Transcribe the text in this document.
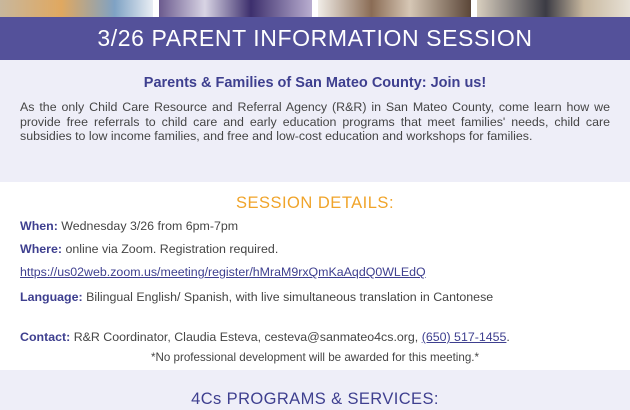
3/26 PARENT INFORMATION SESSION
Parents & Families of San Mateo County: Join us!

As the only Child Care Resource and Referral Agency (R&R) in San Mateo County, come learn how we provide free referrals to child care and early education programs that meet families' needs, child care subsidies to low income families, and free and low-cost education and workshops for families.

SESSION DETAILS:
When: Wednesday 3/26 from 6pm-7pm
Where: online via Zoom. Registration required.
https://us02web.zoom.us/meeting/register/hMraM9rxQmKaAqdQ0WLEdQ
Language: Bilingual English/ Spanish, with live simultaneous translation in Cantonese
Contact: R&R Coordinator, Claudia Esteva, cesteva@sanmateo4cs.org, (650) 517-1455.
*No professional development will be awarded for this meeting.*
4Cs PROGRAMS & SERVICES:
